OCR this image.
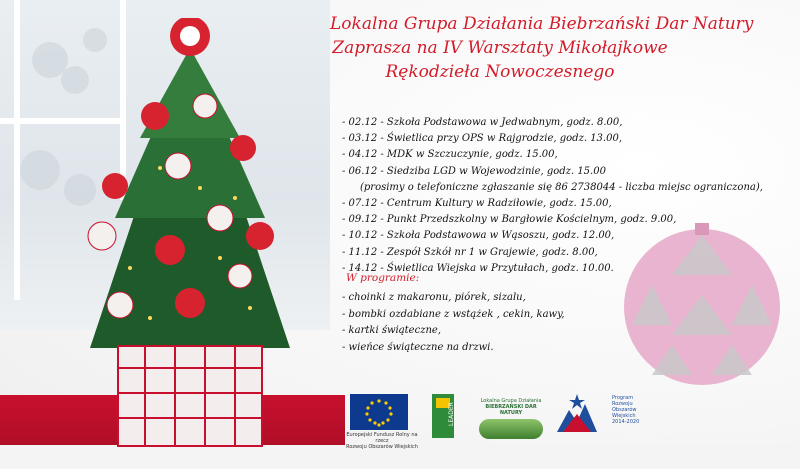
Lokalna Grupa Działania Biebrzański Dar Natury
Zaprasza na IV Warsztaty Mikołajkowe
Rękodzieła Nowoczesnego
- 02.12 - Szkoła Podstawowa w Jedwabnym, godz. 8.00,
- 03.12 - Świetlica przy OPS w Rajgrodzie, godz. 13.00,
- 04.12 - MDK w Szczuczynie, godz. 15.00,
- 06.12 - Siedziba LGD w Wojewodzinie, godz. 15.00
(prosimy o telefoniczne zgłaszanie się 86 2738044 - liczba miejsc ograniczona),
- 07.12 - Centrum Kultury w Radziłowie, godz. 15.00,
- 09.12 - Punkt Przedszkolny w Bargłowie Kościelnym, godz. 9.00,
- 10.12 - Szkoła Podstawowa w Wąsoszu, godz. 12.00,
- 11.12 - Zespół Szkół nr 1 w Grajewie, godz. 8.00,
- 14.12 - Świetlica Wiejska w Przytułach, godz. 10.00.
W programie:
- choinki z makaronu, piórek, sizalu,
- bombki ozdabiane z wstążek , cekin, kawy,
- kartki świąteczne,
- wieńce świąteczne na drzwi.
Europejski Fundusz Rolny na rzecz
Rozwoju Obszarów Wiejskich
LEADER
Lokalna Grupa Działania
BIEBRZAŃSKI DAR NATURY
Program
Rozwoju
Obszarów
Wiejskich
2014-2020
